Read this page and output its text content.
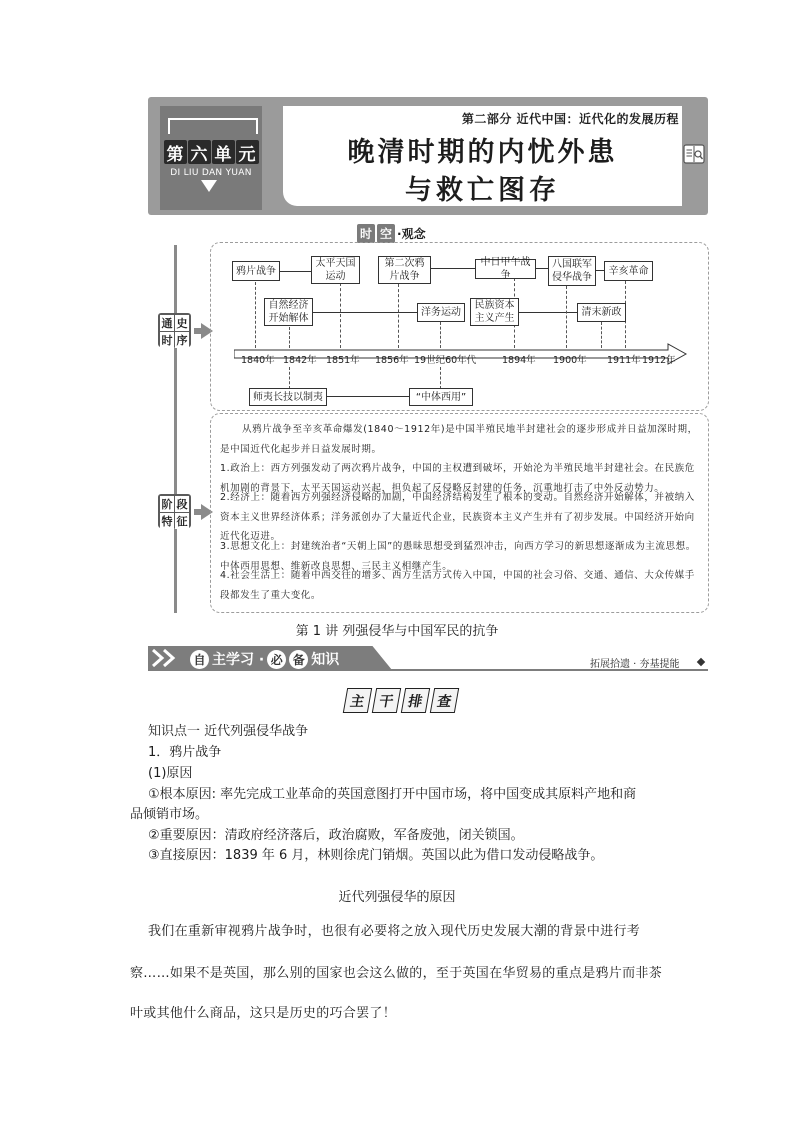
第 六 单 元
DI LIU DAN YUAN
第二部分 近代中国：近代化的发展历程
晚清时期的内忧外患
与救亡图存
时 空 ·观念
通 史
时 序
阶 段
特 征
鸦片战争
太平天国
运动
第二次鸦
片战争
中日甲午战争
八国联军
侵华战争
辛亥革命
自然经济
开始解体
洋务运动
民族资本
主义产生
清末新政
1840年 1842年 1851年 1856年 19世纪60年代	1894年 1900年 1911年 1912年
师夷长技以制夷	“中体西用”
从鸦片战争至辛亥革命爆发(1840～1912年)是中国半殖民地半封建社会的逐步形成并日益加深时期，是中国近代化起步并日益发展时期。
1.政治上：西方列强发动了两次鸦片战争，中国的主权遭到破坏，开始沦为半殖民地半封建社会。在民族危机加剧的背景下，太平天国运动兴起，担负起了反侵略反封建的任务，沉重地打击了中外反动势力。
2.经济上：随着西方列强经济侵略的加剧，中国经济结构发生了根本的变动。自然经济开始解体，并被纳入资本主义世界经济体系；洋务派创办了大量近代企业，民族资本主义产生并有了初步发展。中国经济开始向近代化迈进。
3.思想文化上：封建统治者“天朝上国”的愚昧思想受到猛烈冲击，向西方学习的新思想逐渐成为主流思想。中体西用思想、维新改良思想、三民主义相继产生。
4.社会生活上：随着中西交往的增多、西方生活方式传入中国，中国的社会习俗、交通、通信、大众传媒手段都发生了重大变化。
第 1 讲 列强侵华与中国军民的抗争
自 主学习 · 必 备 知识	拓展拾遗 · 夯基提能
主 干 排 查
知识点一 近代列强侵华战争
1．鸦片战争
(1)原因
①根本原因: 率先完成工业革命的英国意图打开中国市场，将中国变成其原料产地和商
品倾销市场。
②重要原因：清政府经济落后，政治腐败，军备废弛，闭关锁国。
③直接原因：1839 年 6 月，林则徐虎门销烟。英国以此为借口发动侵略战争。
近代列强侵华的原因
我们在重新审视鸦片战争时，也很有必要将之放入现代历史发展大潮的背景中进行考
察……如果不是英国，那么别的国家也会这么做的，至于英国在华贸易的重点是鸦片而非茶
叶或其他什么商品，这只是历史的巧合罢了！
